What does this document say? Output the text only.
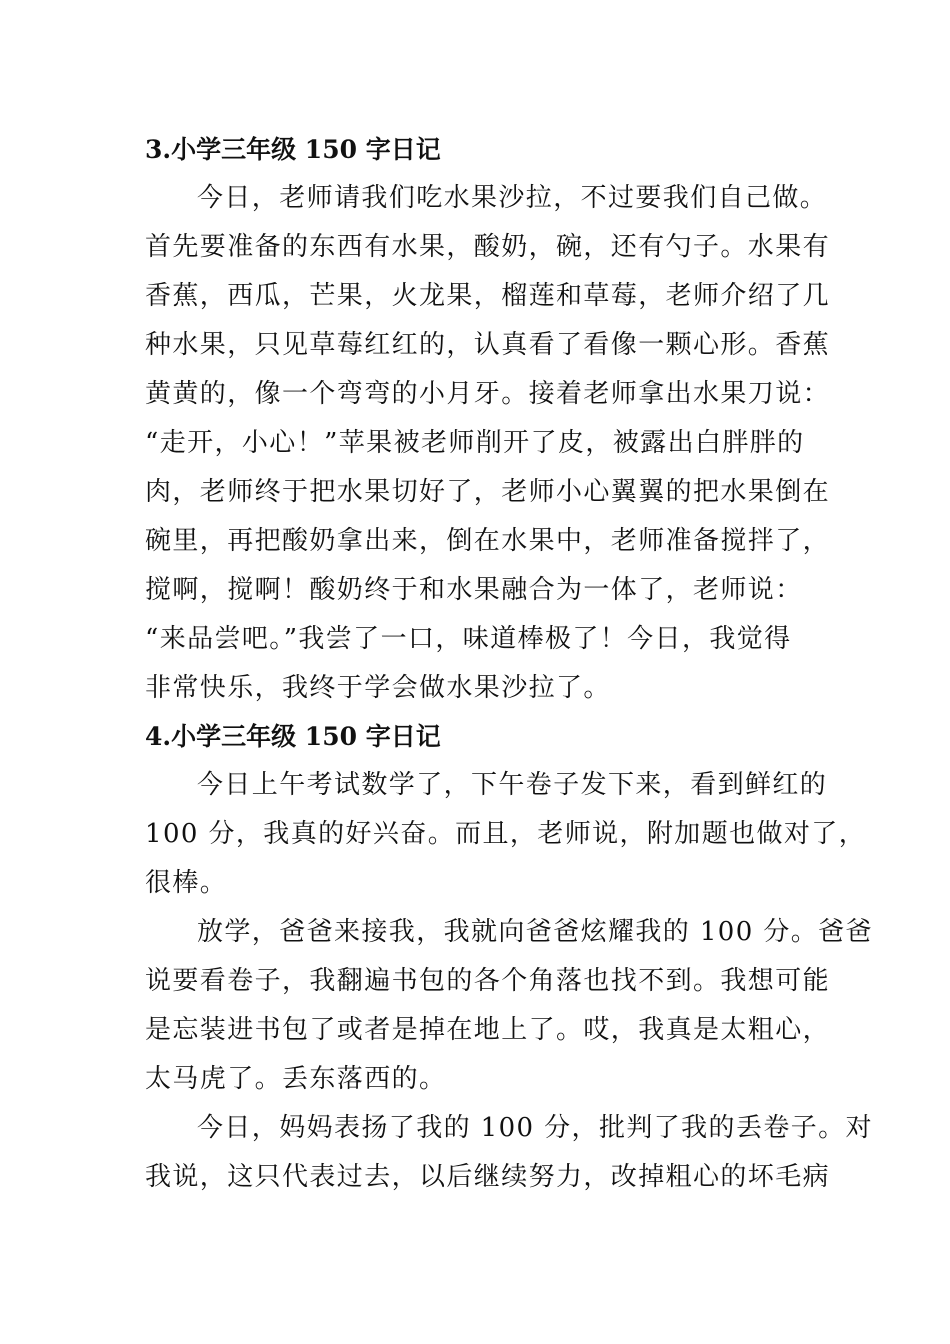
3.小学三年级 150 字日记
今日，老师请我们吃水果沙拉，不过要我们自己做。
首先要准备的东西有水果，酸奶，碗，还有勺子。水果有
香蕉，西瓜，芒果，火龙果，榴莲和草莓，老师介绍了几
种水果，只见草莓红红的，认真看了看像一颗心形。香蕉
黄黄的，像一个弯弯的小月牙。接着老师拿出水果刀说：
“走开，小心！”苹果被老师削开了皮，被露出白胖胖的
肉，老师终于把水果切好了，老师小心翼翼的把水果倒在
碗里，再把酸奶拿出来，倒在水果中，老师准备搅拌了，
搅啊，搅啊！酸奶终于和水果融合为一体了，老师说：
“来品尝吧。”我尝了一口，味道棒极了！今日，我觉得
非常快乐，我终于学会做水果沙拉了。
4.小学三年级 150 字日记
今日上午考试数学了，下午卷子发下来，看到鲜红的
100 分，我真的好兴奋。而且，老师说，附加题也做对了，
很棒。
放学，爸爸来接我，我就向爸爸炫耀我的 100 分。爸爸
说要看卷子，我翻遍书包的各个角落也找不到。我想可能
是忘装进书包了或者是掉在地上了。哎，我真是太粗心，
太马虎了。丢东落西的。
今日，妈妈表扬了我的 100 分，批判了我的丢卷子。对
我说，这只代表过去，以后继续努力，改掉粗心的坏毛病
